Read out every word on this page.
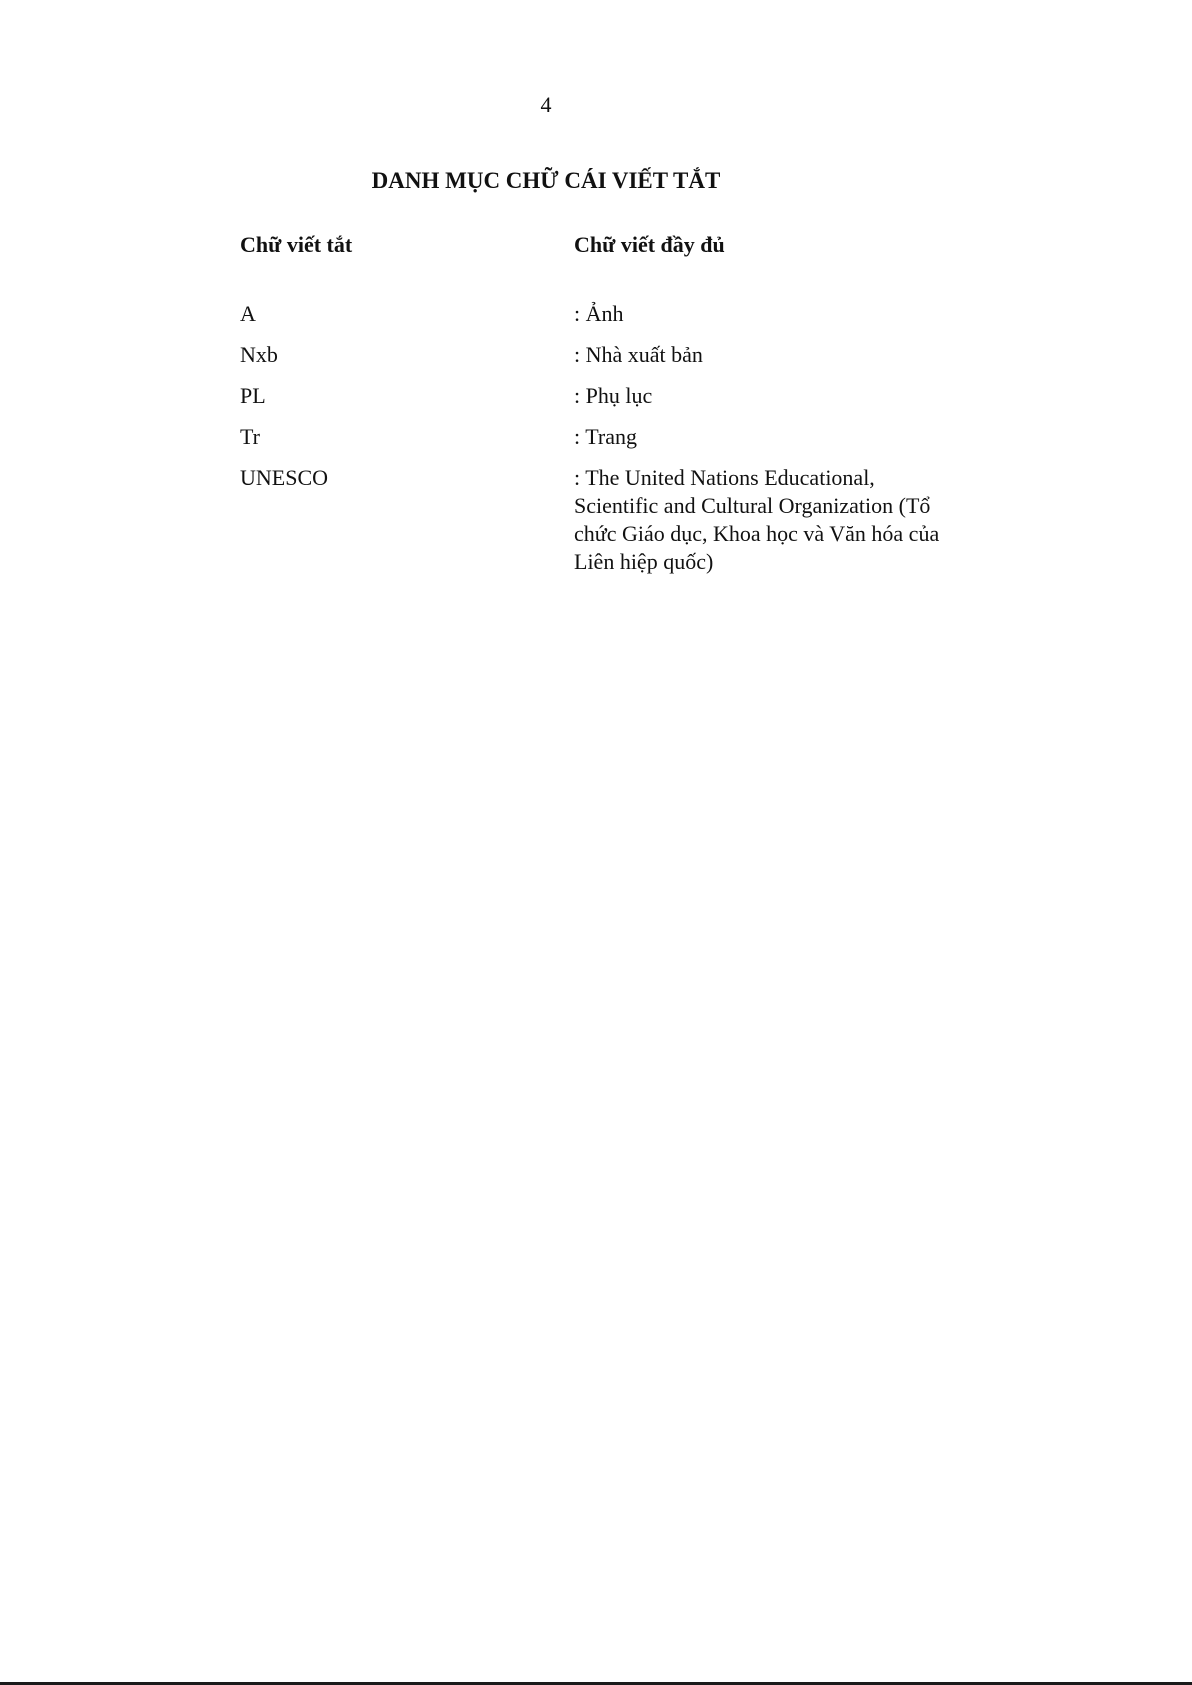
4
DANH MỤC CHỮ CÁI VIẾT TẮT
Chữ viết tắt	Chữ viết đầy đủ
A	: Ảnh
Nxb	: Nhà xuất bản
PL	: Phụ lục
Tr	: Trang
UNESCO	: The United Nations Educational, Scientific and Cultural Organization (Tổ chức Giáo dục, Khoa học và Văn hóa của Liên hiệp quốc)
